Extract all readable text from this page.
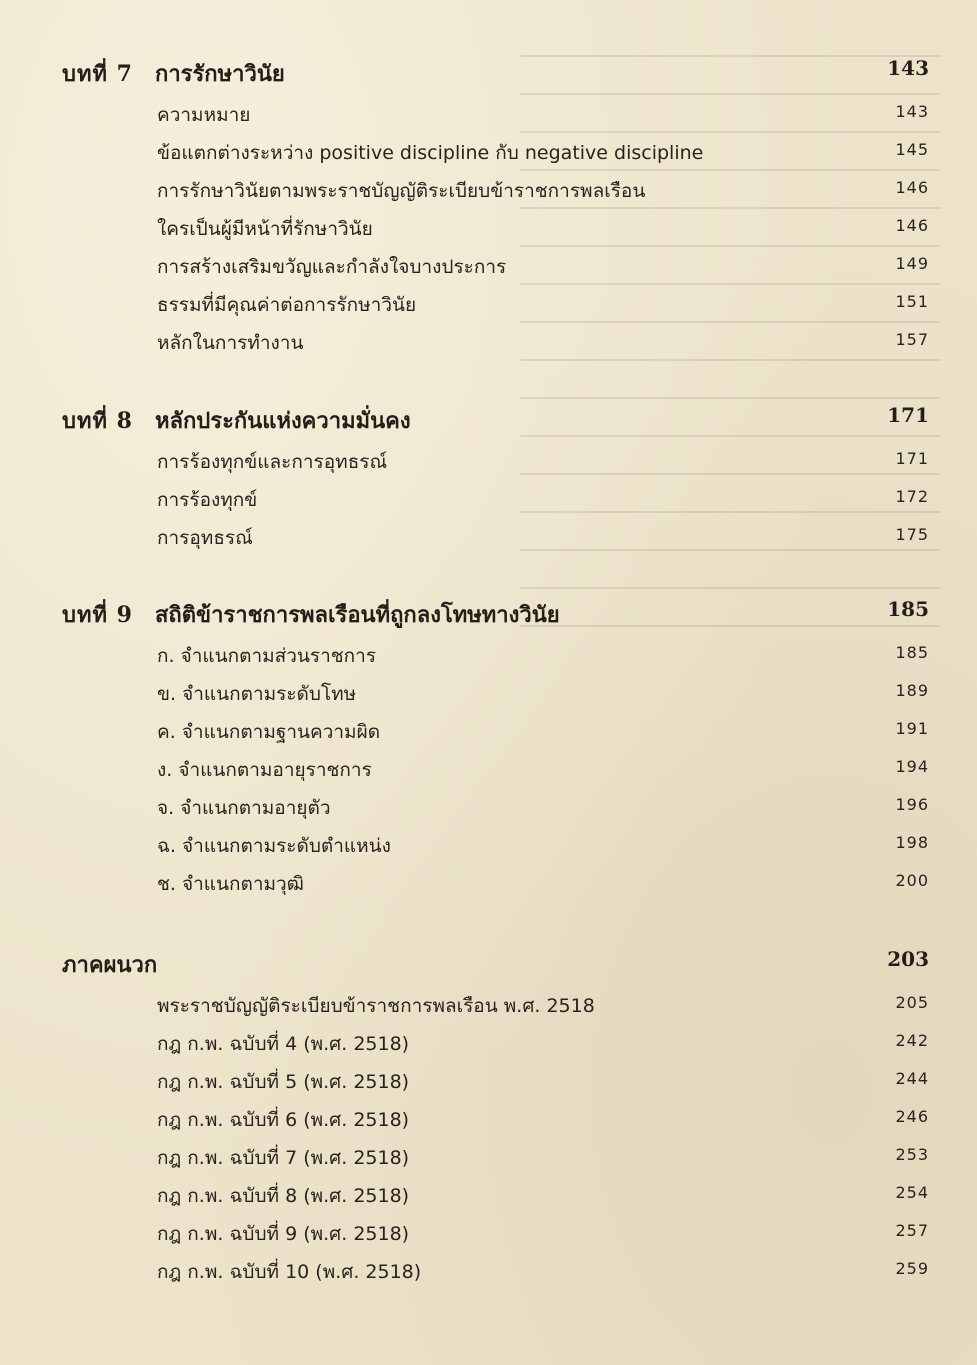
บทที่ 7 การรักษาวินัย	143
ความหมาย	143
ข้อแตกต่างระหว่าง positive discipline กับ negative discipline	145
การรักษาวินัยตามพระราชบัญญัติระเบียบข้าราชการพลเรือน	146
ใครเป็นผู้มีหน้าที่รักษาวินัย	146
การสร้างเสริมขวัญและกำลังใจบางประการ	149
ธรรมที่มีคุณค่าต่อการรักษาวินัย	151
หลักในการทำงาน	157
บทที่ 8 หลักประกันแห่งความมั่นคง	171
การร้องทุกข์และการอุทธรณ์	171
การร้องทุกข์	172
การอุทธรณ์	175
บทที่ 9 สถิติข้าราชการพลเรือนที่ถูกลงโทษทางวินัย	185
ก. จำแนกตามส่วนราชการ	185
ข. จำแนกตามระดับโทษ	189
ค. จำแนกตามฐานความผิด	191
ง. จำแนกตามอายุราชการ	194
จ. จำแนกตามอายุตัว	196
ฉ. จำแนกตามระดับตำแหน่ง	198
ช. จำแนกตามวุฒิ	200
ภาคผนวก	203
พระราชบัญญัติระเบียบข้าราชการพลเรือน พ.ศ. 2518	205
กฎ ก.พ. ฉบับที่ 4 (พ.ศ. 2518)	242
กฎ ก.พ. ฉบับที่ 5 (พ.ศ. 2518)	244
กฎ ก.พ. ฉบับที่ 6 (พ.ศ. 2518)	246
กฎ ก.พ. ฉบับที่ 7 (พ.ศ. 2518)	253
กฎ ก.พ. ฉบับที่ 8 (พ.ศ. 2518)	254
กฎ ก.พ. ฉบับที่ 9 (พ.ศ. 2518)	257
กฎ ก.พ. ฉบับที่ 10 (พ.ศ. 2518)	259
